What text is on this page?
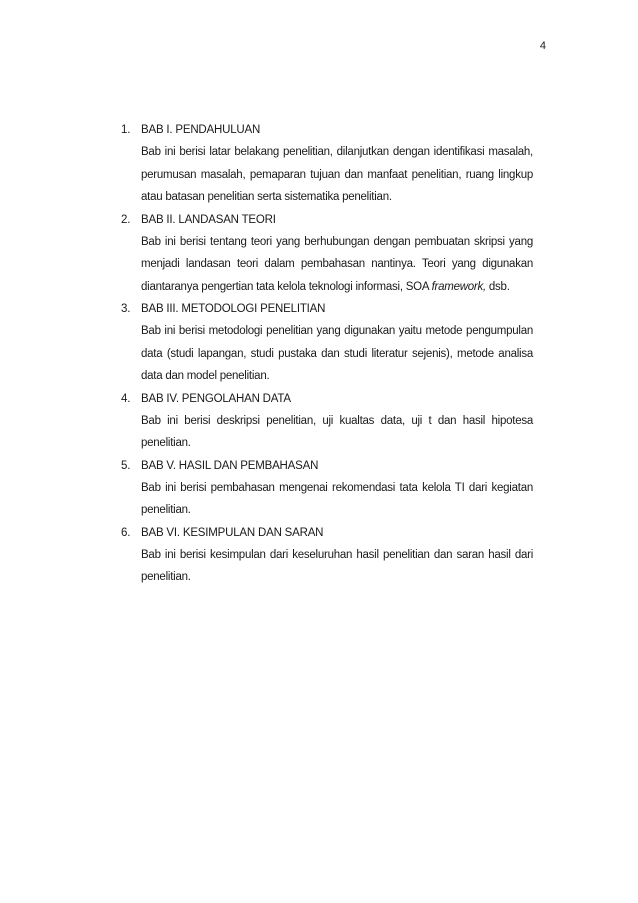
4
1. BAB I. PENDAHULUAN

Bab ini berisi latar belakang penelitian, dilanjutkan dengan identifikasi masalah, perumusan masalah, pemaparan tujuan dan manfaat penelitian, ruang lingkup atau batasan penelitian serta sistematika penelitian.

2. BAB II. LANDASAN TEORI

Bab ini berisi tentang teori yang berhubungan dengan pembuatan skripsi yang menjadi landasan teori dalam pembahasan nantinya. Teori yang digunakan diantaranya pengertian tata kelola teknologi informasi, SOA framework, dsb.

3. BAB III. METODOLOGI PENELITIAN

Bab ini berisi metodologi penelitian yang digunakan yaitu metode pengumpulan data (studi lapangan, studi pustaka dan studi literatur sejenis), metode analisa data dan model penelitian.

4. BAB IV. PENGOLAHAN DATA

Bab ini berisi deskripsi penelitian, uji kualtas data, uji t dan hasil hipotesa penelitian.

5. BAB V. HASIL DAN PEMBAHASAN

Bab ini berisi pembahasan mengenai rekomendasi tata kelola TI dari kegiatan penelitian.

6. BAB VI. KESIMPULAN DAN SARAN

Bab ini berisi kesimpulan dari keseluruhan hasil penelitian dan saran hasil dari penelitian.
